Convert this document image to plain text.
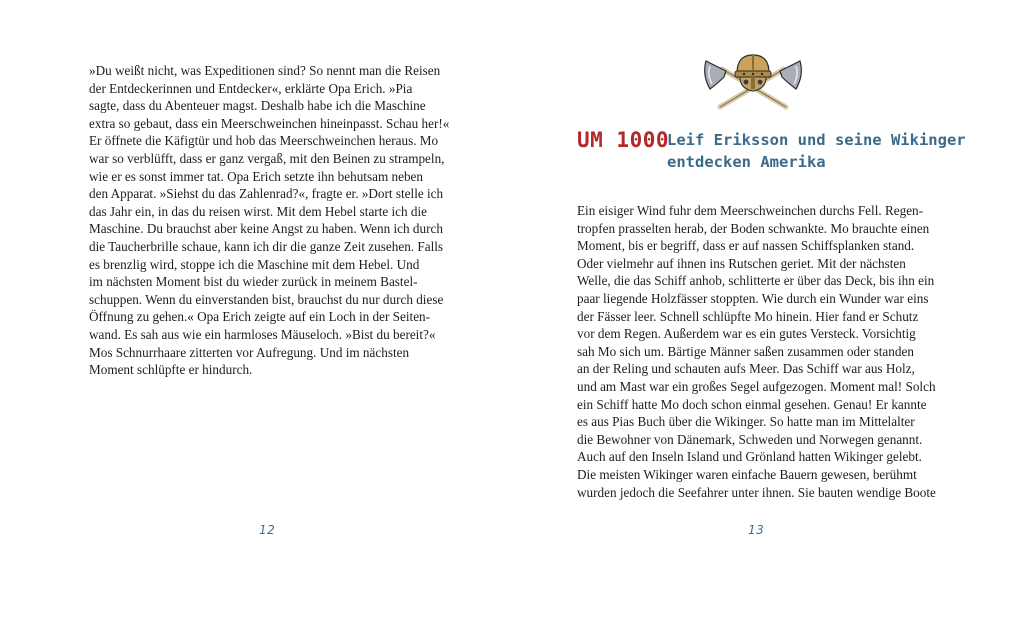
»Du weißt nicht, was Expeditionen sind? So nennt man die Reisen
der Entdeckerinnen und Entdecker«, erklärte Opa Erich. »Pia
sagte, dass du Abenteuer magst. Deshalb habe ich die Maschine
extra so gebaut, dass ein Meerschweinchen hineinpasst. Schau her!«
Er öffnete die Käfigtür und hob das Meerschweinchen heraus. Mo
war so verblüfft, dass er ganz vergaß, mit den Beinen zu strampeln,
wie er es sonst immer tat. Opa Erich setzte ihn behutsam neben
den Apparat. »Siehst du das Zahlenrad?«, fragte er. »Dort stelle ich
das Jahr ein, in das du reisen wirst. Mit dem Hebel starte ich die
Maschine. Du brauchst aber keine Angst zu haben. Wenn ich durch
die Taucherbrille schaue, kann ich dir die ganze Zeit zusehen. Falls
es brenzlig wird, stoppe ich die Maschine mit dem Hebel. Und
im nächsten Moment bist du wieder zurück in meinem Bastel-
schuppen. Wenn du einverstanden bist, brauchst du nur durch diese
Öffnung zu gehen.« Opa Erich zeigte auf ein Loch in der Seiten-
wand. Es sah aus wie ein harmloses Mäuseloch. »Bist du bereit?«
Mos Schnurrhaare zitterten vor Aufregung. Und im nächsten
Moment schlüpfte er hindurch.
12
UM 1000
Leif Eriksson und seine Wikinger
entdecken Amerika
Ein eisiger Wind fuhr dem Meerschweinchen durchs Fell. Regen-
tropfen prasselten herab, der Boden schwankte. Mo brauchte einen
Moment, bis er begriff, dass er auf nassen Schiffsplanken stand.
Oder vielmehr auf ihnen ins Rutschen geriet. Mit der nächsten
Welle, die das Schiff anhob, schlitterte er über das Deck, bis ihn ein
paar liegende Holzfässer stoppten. Wie durch ein Wunder war eins
der Fässer leer. Schnell schlüpfte Mo hinein. Hier fand er Schutz
vor dem Regen. Außerdem war es ein gutes Versteck. Vorsichtig
sah Mo sich um. Bärtige Männer saßen zusammen oder standen
an der Reling und schauten aufs Meer. Das Schiff war aus Holz,
und am Mast war ein großes Segel aufgezogen. Moment mal! Solch
ein Schiff hatte Mo doch schon einmal gesehen. Genau! Er kannte
es aus Pias Buch über die Wikinger. So hatte man im Mittelalter
die Bewohner von Dänemark, Schweden und Norwegen genannt.
Auch auf den Inseln Island und Grönland hatten Wikinger gelebt.
Die meisten Wikinger waren einfache Bauern gewesen, berühmt
wurden jedoch die Seefahrer unter ihnen. Sie bauten wendige Boote
13
